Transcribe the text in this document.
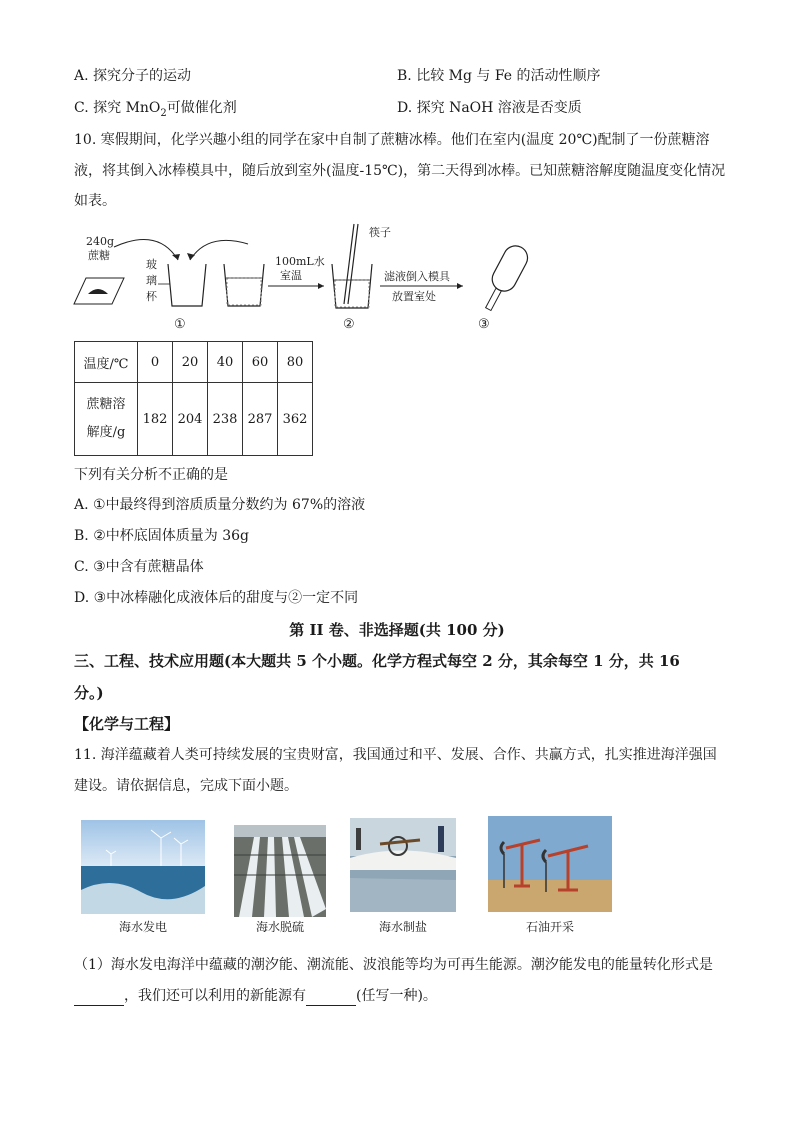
A. 探究分子的运动	B. 比较 Mg 与 Fe 的活动性顺序
C. 探究 MnO$_2$可做催化剂	D. 探究 NaOH 溶液是否变质
10. 寒假期间，化学兴趣小组的同学在家中自制了蔗糖冰棒。他们在室内(温度 20℃)配制了一份蔗糖溶
液，将其倒入冰棒模具中，随后放到室外(温度-15℃)，第二天得到冰棒。已知蔗糖溶解度随温度变化情况
如表。
240g
蔗糖
玻
璃
杯
①
100mL水
室温
筷子
②
滤液倒入模具
放置室处
③
温度/℃	0	20	40	60	80

蔗糖溶
解度/g	182	204	238	287	362
下列有关分析不正确的是
A. ①中最终得到溶质质量分数约为 67%的溶液
B. ②中杯底固体质量为 36g
C. ③中含有蔗糖晶体
D. ③中冰棒融化成液体后的甜度与②一定不同
第 II 卷、非选择题(共 100 分)
三、工程、技术应用题(本大题共 5 个小题。化学方程式每空 2 分，其余每空 1 分，共 16
分。)
【化学与工程】
11. 海洋蕴藏着人类可持续发展的宝贵财富，我国通过和平、发展、合作、共赢方式，扎实推进海洋强国
建设。请依据信息，完成下面小题。
海水发电	海水脱硫	海水制盐	石油开采
（1）海水发电海洋中蕴藏的潮汐能、潮流能、波浪能等均为可再生能源。潮汐能发电的能量转化形式是
，我们还可以利用的新能源有	(任写一种)。
